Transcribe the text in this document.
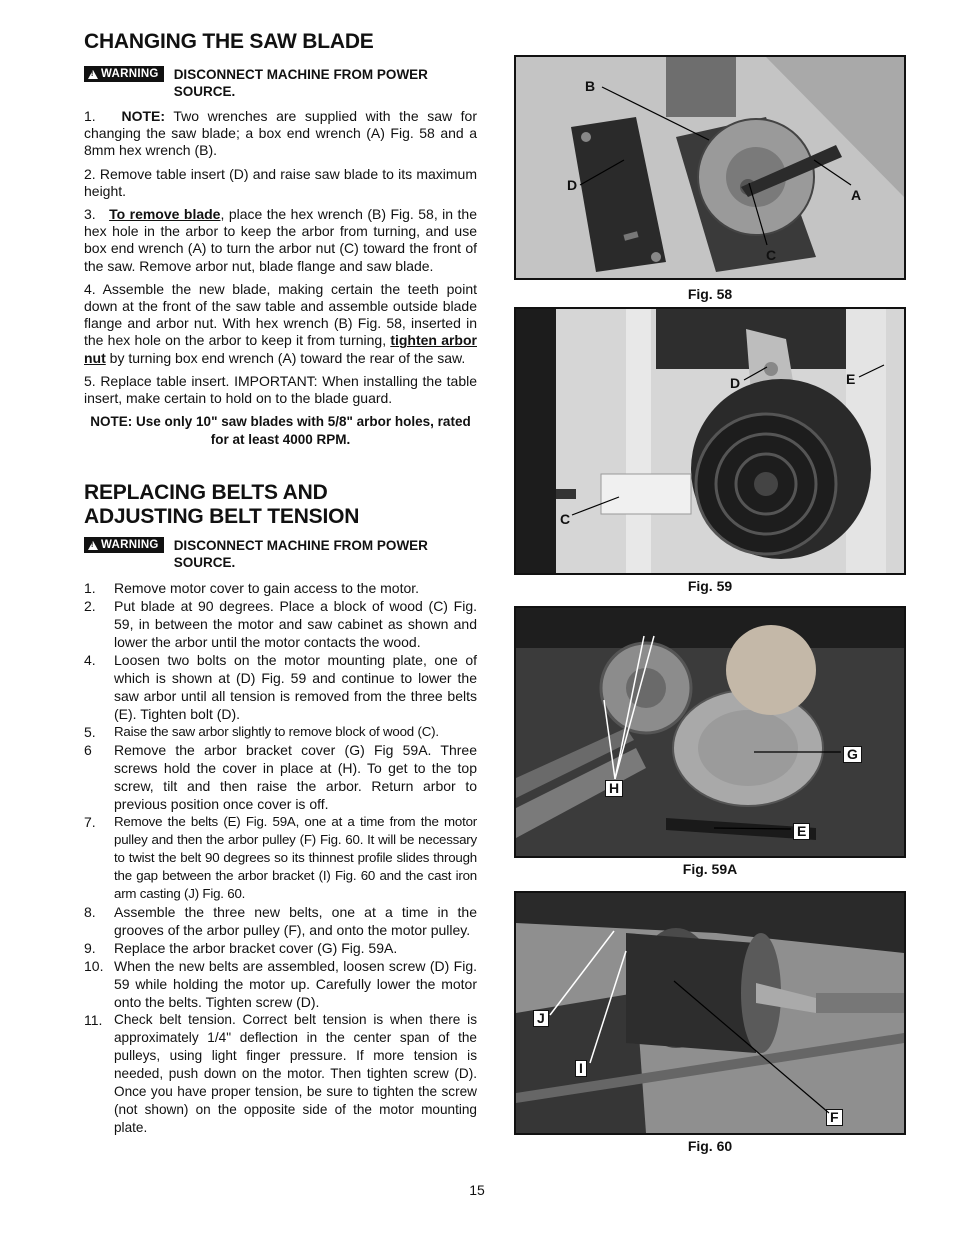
CHANGING THE SAW BLADE
!
WARNING DISCONNECT MACHINE FROM POWER SOURCE.

1. NOTE: Two wrenches are supplied with the saw for changing the saw blade; a box end wrench (A) Fig. 58 and a 8mm hex wrench (B).

2. Remove table insert (D) and raise saw blade to its maximum height.

3. To remove blade, place the hex wrench (B) Fig. 58, in the hex hole in the arbor to keep the arbor from turning, and use box end wrench (A) to turn the arbor nut (C) toward the front of the saw. Remove arbor nut, blade flange and saw blade.

4. Assemble the new blade, making certain the teeth point down at the front of the saw table and assemble outside blade flange and arbor nut. With hex wrench (B) Fig. 58, inserted in the hex hole on the arbor to keep it from turning, tighten arbor nut by turning box end wrench (A) toward the rear of the saw.

5. Replace table insert. IMPORTANT: When installing the table insert, make certain to hold on to the blade guard.

NOTE: Use only 10" saw blades with 5/8" arbor holes, rated for at least 4000 RPM.

REPLACING BELTS AND
ADJUSTING BELT TENSION
!
WARNING DISCONNECT MACHINE FROM POWER SOURCE.
1.	Remove motor cover to gain access to the motor.
2.	Put blade at 90 degrees. Place a block of wood (C) Fig. 59, in between the motor and saw cabinet as shown and lower the arbor until the motor contacts the wood.
4.	Loosen two bolts on the motor mounting plate, one of which is shown at (D) Fig. 59 and continue to lower the saw arbor until all tension is removed from the three belts (E). Tighten bolt (D).
5.	Raise the saw arbor slightly to remove block of wood (C).
6	Remove the arbor bracket cover (G) Fig 59A. Three screws hold the cover in place at (H). To get to the top screw, tilt and then raise the arbor. Return arbor to previous position once cover is off.
7.	Remove the belts (E) Fig. 59A, one at a time from the motor pulley and then the arbor pulley (F) Fig. 60. It will be necessary to twist the belt 90 degrees so its thinnest profile slides through the gap between the arbor bracket (I) Fig. 60 and the cast iron arm casting (J) Fig. 60.
8.	Assemble the three new belts, one at a time in the grooves of the arbor pulley (F), and onto the motor pulley.
9.	Replace the arbor bracket cover (G) Fig. 59A.
10. When the new belts are assembled, loosen screw (D) Fig. 59 while holding the motor up. Carefully lower the motor onto the belts. Tighten screw (D).
11. Check belt tension. Correct belt tension is when there is approximately 1/4" deflection in the center span of the pulleys, using light finger pressure. If more tension is needed, push down on the motor. Then tighten screw (D). Once you have proper tension, be sure to tighten the screw (not shown) on the opposite side of the motor mounting plate.
B
D
A
C
Fig. 58
D	E
C
Fig. 59
G
H
E
Fig. 59A
J
I
F
Fig. 60
15
